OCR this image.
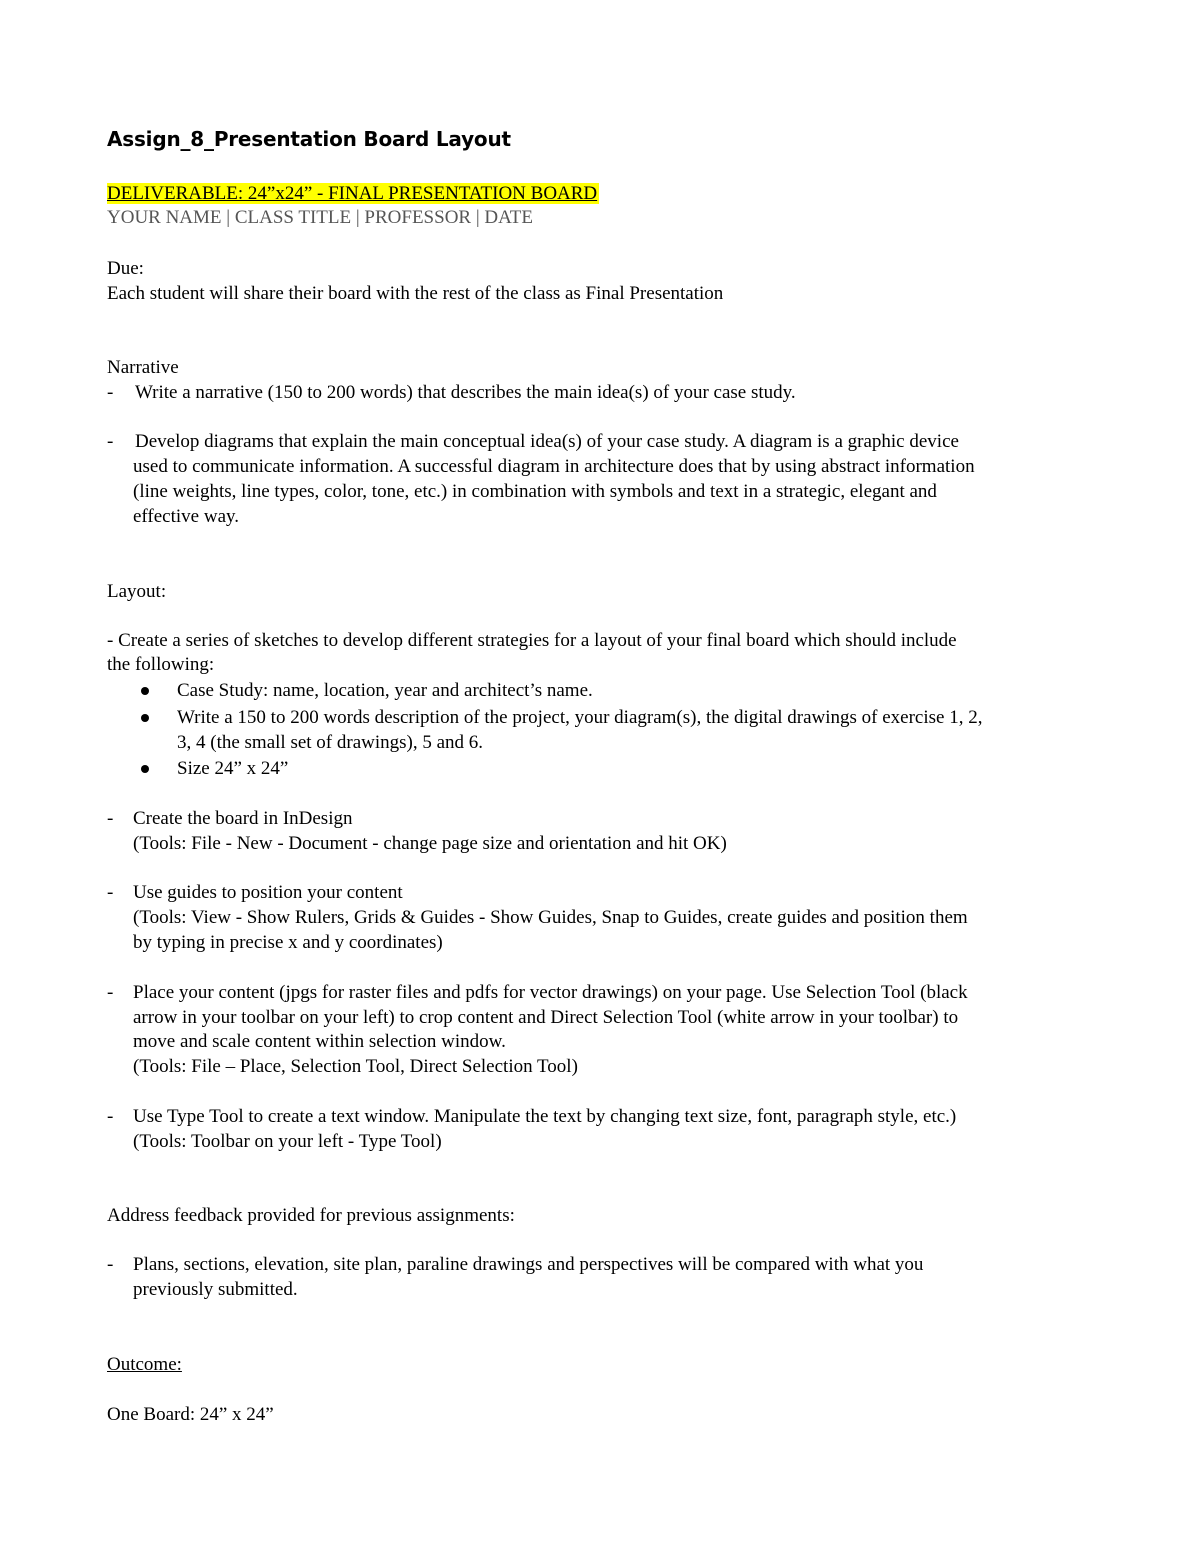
Assign_8_Presentation Board Layout
DELIVERABLE: 24”x24” - FINAL PRESENTATION BOARD
YOUR NAME | CLASS TITLE | PROFESSOR | DATE
Due:
Each student will share their board with the rest of the class as Final Presentation
Narrative
- Write a narrative (150 to 200 words) that describes the main idea(s) of your case study.
- Develop diagrams that explain the main conceptual idea(s) of your case study. A diagram is a graphic device
used to communicate information. A successful diagram in architecture does that by using abstract information
(line weights, line types, color, tone, etc.) in combination with symbols and text in a strategic, elegant and
effective way.
Layout:
- Create a series of sketches to develop different strategies for a layout of your final board which should include
the following:
Case Study: name, location, year and architect’s name.
Write a 150 to 200 words description of the project, your diagram(s), the digital drawings of exercise 1, 2,
3, 4 (the small set of drawings), 5 and 6.
Size 24” x 24”
- Create the board in InDesign
(Tools: File - New - Document - change page size and orientation and hit OK)
- Use guides to position your content
(Tools: View - Show Rulers, Grids & Guides - Show Guides, Snap to Guides, create guides and position them
by typing in precise x and y coordinates)
- Place your content (jpgs for raster files and pdfs for vector drawings) on your page. Use Selection Tool (black
arrow in your toolbar on your left) to crop content and Direct Selection Tool (white arrow in your toolbar) to
move and scale content within selection window.
(Tools: File – Place, Selection Tool, Direct Selection Tool)
- Use Type Tool to create a text window. Manipulate the text by changing text size, font, paragraph style, etc.)
(Tools: Toolbar on your left - Type Tool)
Address feedback provided for previous assignments:
- Plans, sections, elevation, site plan, paraline drawings and perspectives will be compared with what you
previously submitted.
Outcome:
One Board: 24” x 24”
